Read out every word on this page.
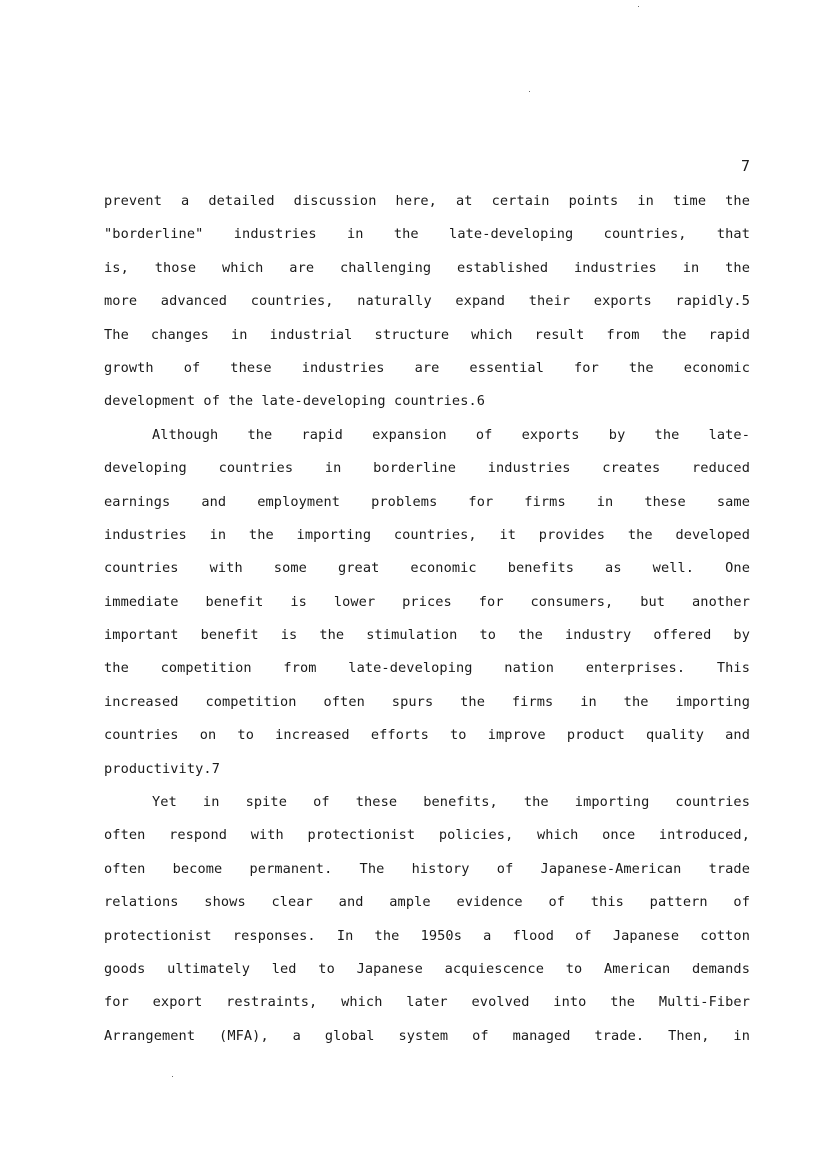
7
prevent a detailed discussion here, at certain points in time the
"borderline" industries in the late-developing countries, that
is, those which are challenging established industries in the
more advanced countries, naturally expand their exports rapidly.5
The changes in industrial structure which result from the rapid
growth of these industries are essential for the economic
development of the late-developing countries.6
Although the rapid expansion of exports by the late-
developing countries in borderline industries creates reduced
earnings and employment problems for firms in these same
industries in the importing countries, it provides the developed
countries with some great economic benefits as well. One
immediate benefit is lower prices for consumers, but another
important benefit is the stimulation to the industry offered by
the competition from late-developing nation enterprises. This
increased competition often spurs the firms in the importing
countries on to increased efforts to improve product quality and
productivity.7
Yet in spite of these benefits, the importing countries
often respond with protectionist policies, which once introduced,
often become permanent. The history of Japanese-American trade
relations shows clear and ample evidence of this pattern of
protectionist responses. In the 1950s a flood of Japanese cotton
goods ultimately led to Japanese acquiescence to American demands
for export restraints, which later evolved into the Multi-Fiber
Arrangement (MFA), a global system of managed trade. Then, in
